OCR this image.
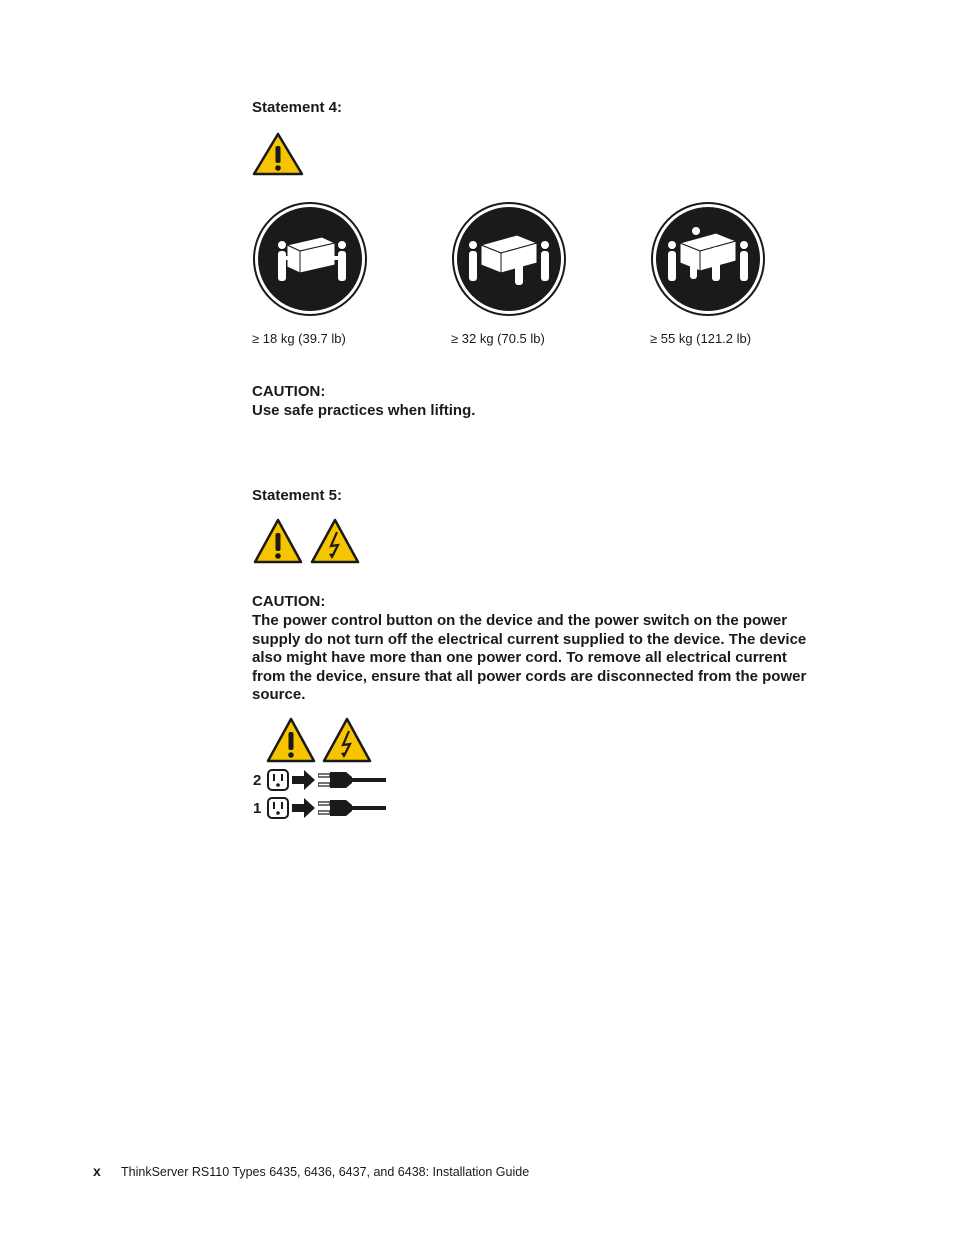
Statement 4:
≥ 18 kg (39.7 lb)	≥ 32 kg (70.5 lb)	≥ 55 kg (121.2 lb)
CAUTION:
Use safe practices when lifting.
Statement 5:
CAUTION:
The power control button on the device and the power switch on the power
supply do not turn off the electrical current supplied to the device. The device
also might have more than one power cord. To remove all electrical current
from the device, ensure that all power cords are disconnected from the power
source.
2
1
x ThinkServer RS110 Types 6435, 6436, 6437, and 6438: Installation Guide
